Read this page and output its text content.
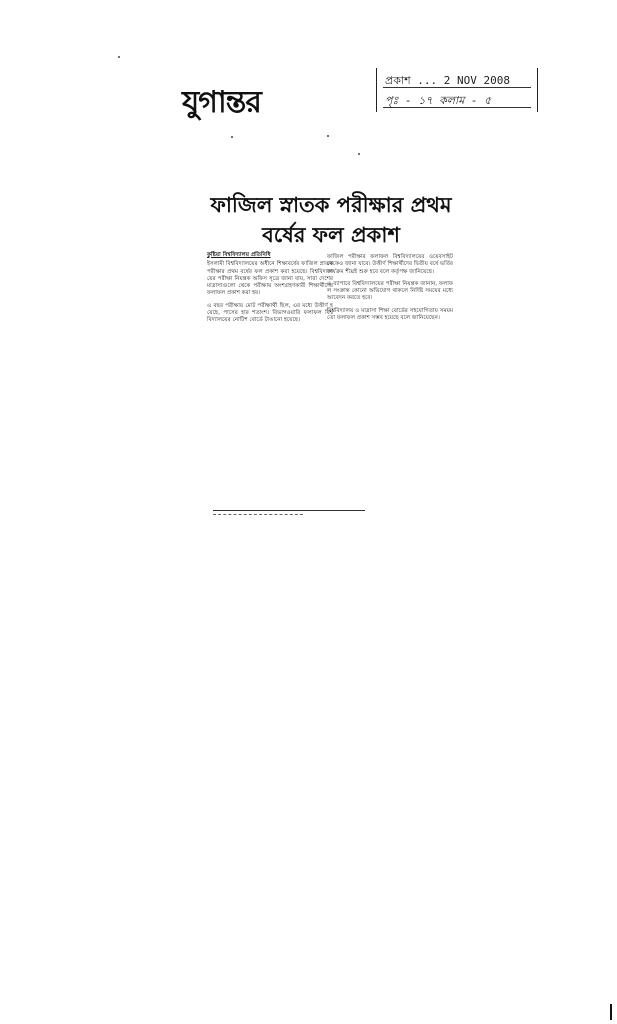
যুগান্তর
প্রকাশ ... 2 NOV 2008
পৃঃ - ১৭ কলাম - ৫
ফাজিল স্নাতক পরীক্ষার প্রথম
বর্ষের ফল প্রকাশ
কুষ্টিয়া বিশ্ববিদ্যালয় প্রতিনিধি
ইসলামী বিশ্ববিদ্যালয়ের অধীনে শিক্ষাবর্ষের ফাজিল স্নাতক পরীক্ষার প্রথম বর্ষের ফল প্রকাশ করা হয়েছে। বিশ্ববিদ্যালয়ের পরীক্ষা নিয়ন্ত্রক অফিস সূত্রে জানা যায়, সারা দেশের মাদ্রাসাগুলো থেকে পরীক্ষায় অংশগ্রহণকারী শিক্ষার্থীদের ফলাফল প্রকাশ করা হয়।
এ বছর পরীক্ষায় মোট পরীক্ষার্থী ছিল, এর মধ্যে উত্তীর্ণ হয়েছে, পাসের হার শতাংশ। বিভাগওয়ারি ফলাফল বিশ্ববিদ্যালয়ের নোটিশ বোর্ডে টাঙানো হয়েছে।
ফাজিল পরীক্ষার ফলাফল বিশ্ববিদ্যালয়ের ওয়েবসাইট থেকেও জানা যাবে। উত্তীর্ণ শিক্ষার্থীদের দ্বিতীয় বর্ষে ভর্তির কার্যক্রম শীঘ্রই শুরু হবে বলে কর্তৃপক্ষ জানিয়েছে।
এ ব্যাপারে বিশ্ববিদ্যালয়ের পরীক্ষা নিয়ন্ত্রক জানান, ফলাফল সংক্রান্ত কোনো অভিযোগ থাকলে নির্দিষ্ট সময়ের মধ্যে আবেদন করতে হবে।
বিশ্ববিদ্যালয় ও মাদ্রাসা শিক্ষা বোর্ডের সহযোগিতায় সময়মতো ফলাফল প্রকাশ সম্ভব হয়েছে বলে জানিয়েছেন।
